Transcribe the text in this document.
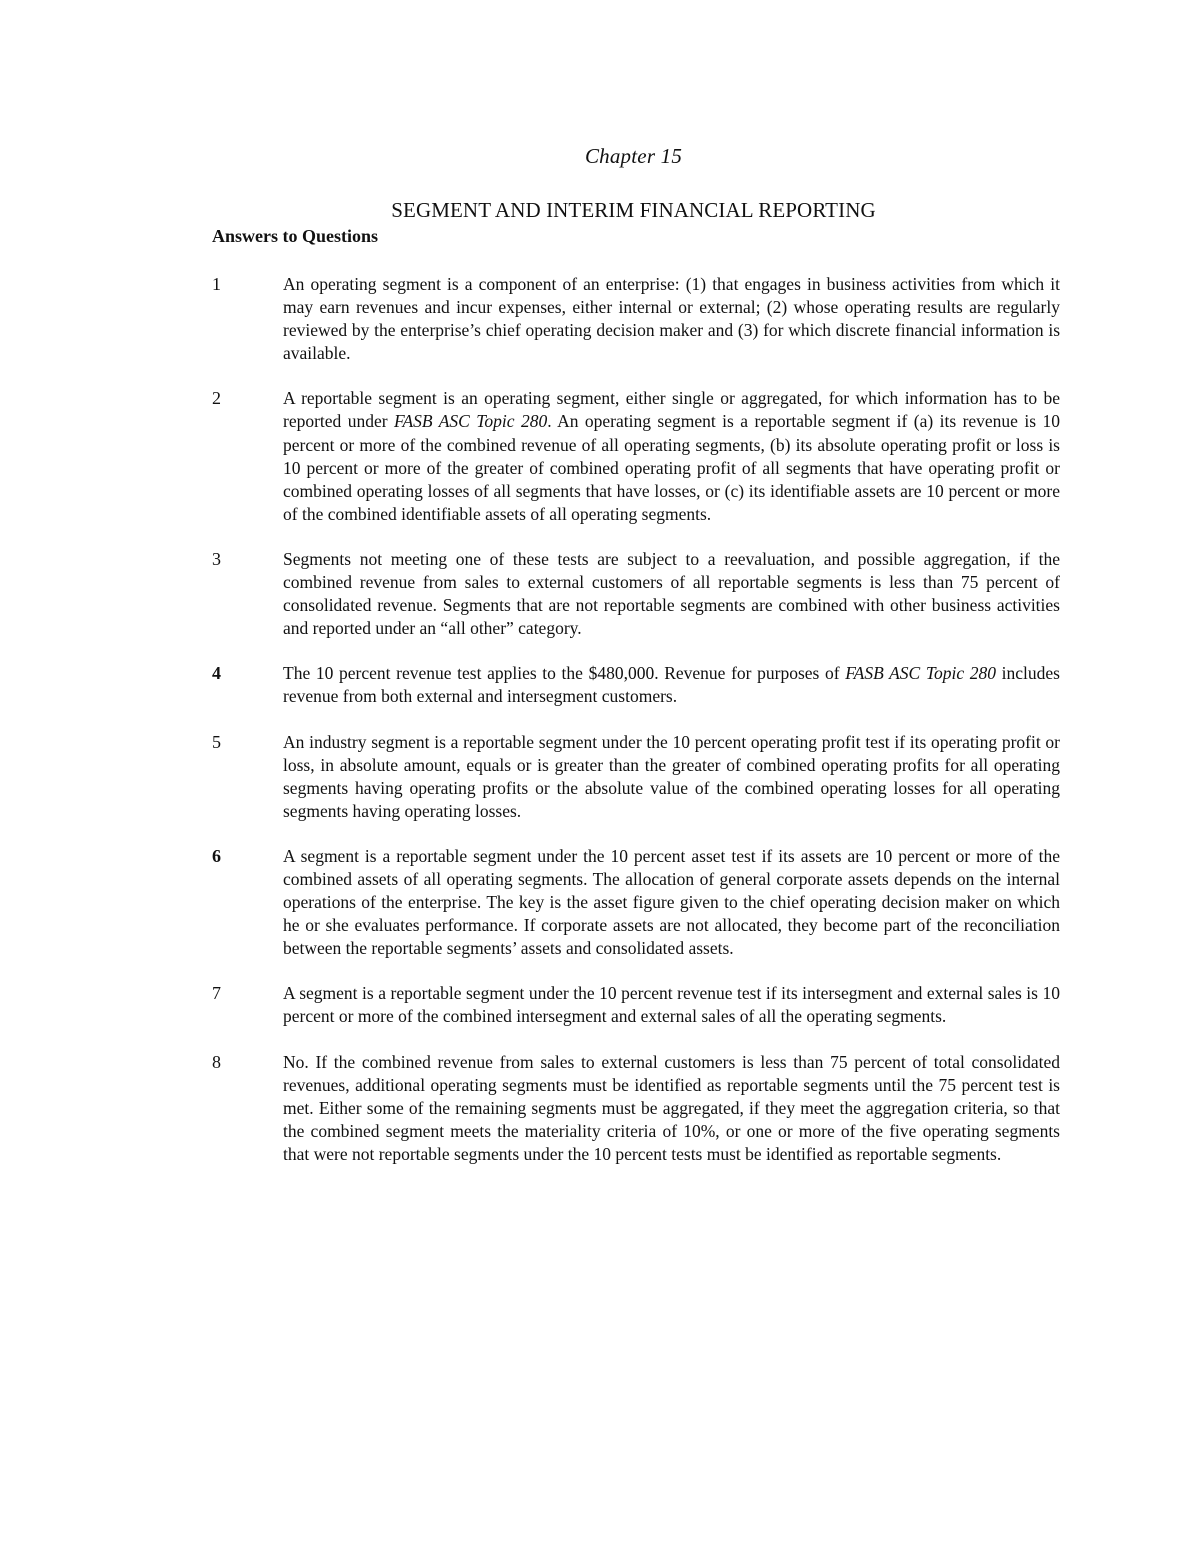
Chapter 15
SEGMENT AND INTERIM FINANCIAL REPORTING
Answers to Questions
1	An operating segment is a component of an enterprise: (1) that engages in business activities from which it may earn revenues and incur expenses, either internal or external; (2) whose operating results are regularly reviewed by the enterprise’s chief operating decision maker and (3) for which discrete financial information is available.
2	A reportable segment is an operating segment, either single or aggregated, for which information has to be reported under FASB ASC Topic 280. An operating segment is a reportable segment if (a) its revenue is 10 percent or more of the combined revenue of all operating segments, (b) its absolute operating profit or loss is 10 percent or more of the greater of combined operating profit of all segments that have operating profit or combined operating losses of all segments that have losses, or (c) its identifiable assets are 10 percent or more of the combined identifiable assets of all operating segments.
3	Segments not meeting one of these tests are subject to a reevaluation, and possible aggregation, if the combined revenue from sales to external customers of all reportable segments is less than 75 percent of consolidated revenue. Segments that are not reportable segments are combined with other business activities and reported under an “all other” category.
4	The 10 percent revenue test applies to the $480,000. Revenue for purposes of FASB ASC Topic 280 includes revenue from both external and intersegment customers.
5	An industry segment is a reportable segment under the 10 percent operating profit test if its operating profit or loss, in absolute amount, equals or is greater than the greater of combined operating profits for all operating segments having operating profits or the absolute value of the combined operating losses for all operating segments having operating losses.
6	A segment is a reportable segment under the 10 percent asset test if its assets are 10 percent or more of the combined assets of all operating segments. The allocation of general corporate assets depends on the internal operations of the enterprise. The key is the asset figure given to the chief operating decision maker on which he or she evaluates performance. If corporate assets are not allocated, they become part of the reconciliation between the reportable segments’ assets and consolidated assets.
7	A segment is a reportable segment under the 10 percent revenue test if its intersegment and external sales is 10 percent or more of the combined intersegment and external sales of all the operating segments.
8	No. If the combined revenue from sales to external customers is less than 75 percent of total consolidated revenues, additional operating segments must be identified as reportable segments until the 75 percent test is met. Either some of the remaining segments must be aggregated, if they meet the aggregation criteria, so that the combined segment meets the materiality criteria of 10%, or one or more of the five operating segments that were not reportable segments under the 10 percent tests must be identified as reportable segments.
